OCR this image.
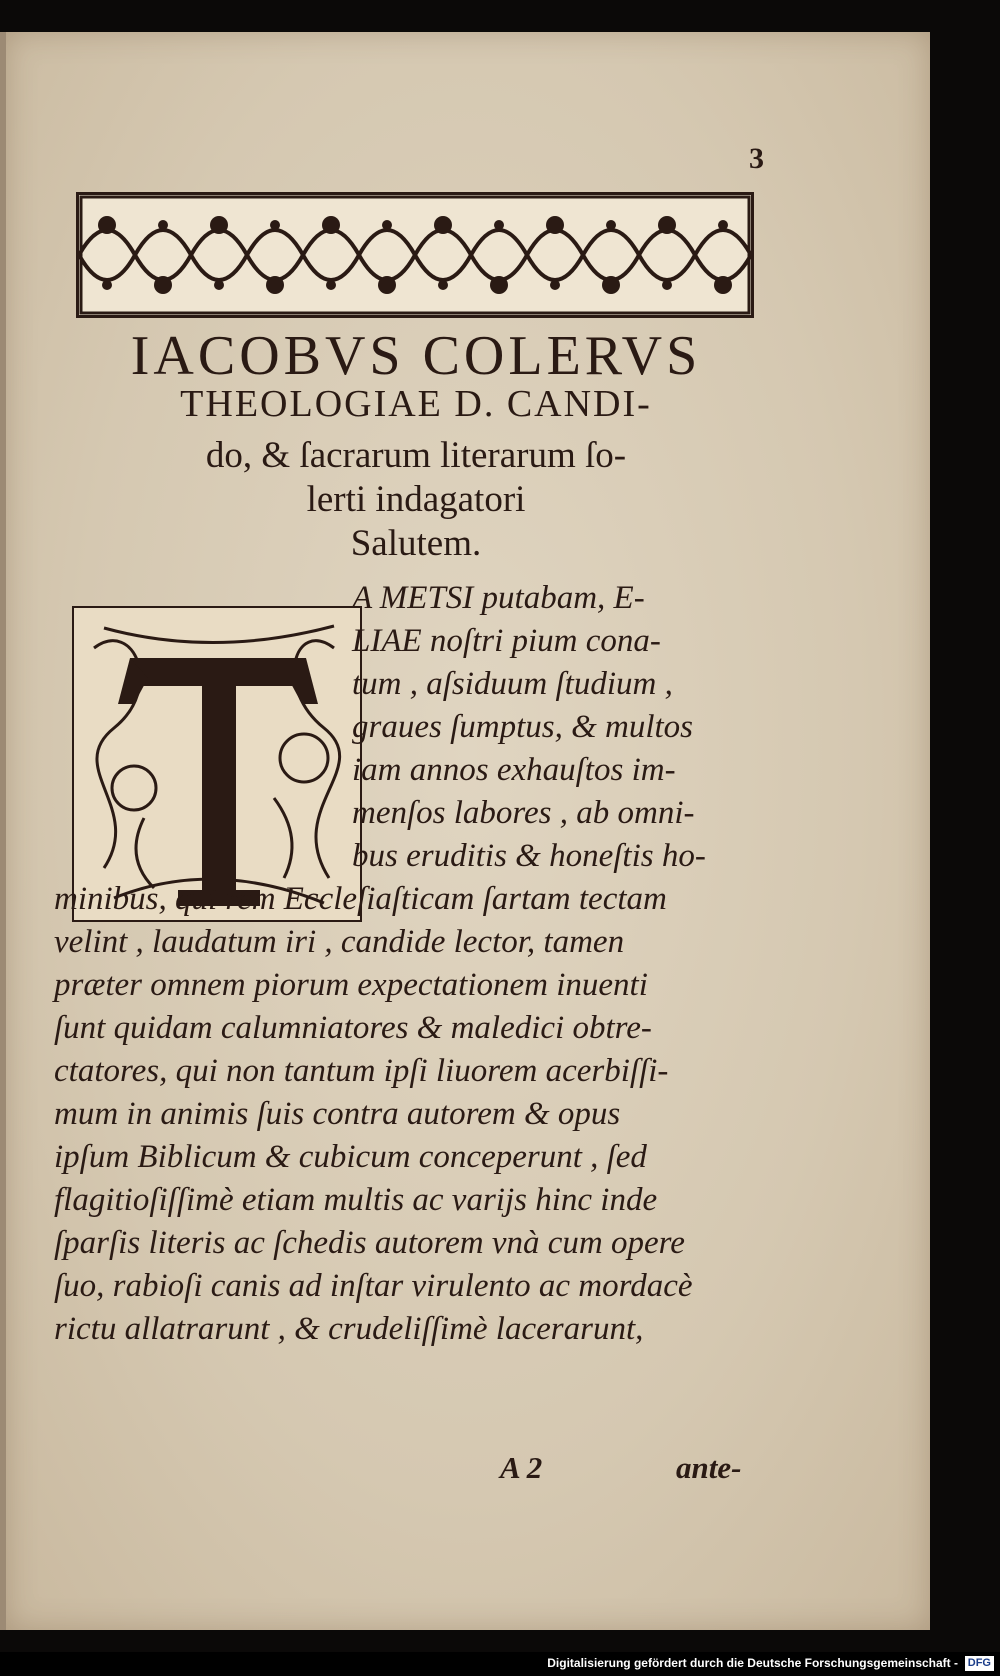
3
IACOBVS COLERVS
THEOLOGIAE D. CANDI-
do, & ſacrarum literarum ſo-
lerti indagatori
Salutem.
A METSI putabam, E-
LIAE noſtri pium cona-
tum , aſsiduum ſtudium ,
graues ſumptus, & multos
iam annos exhauſtos im-
menſos labores , ab omni-
bus eruditis & honeſtis ho-
minibus, qui rem Eccleſiaſticam ſartam tectam
velint , laudatum iri , candide lector, tamen
præter omnem piorum expectationem inuenti
ſunt quidam calumniatores & maledici obtre-
ctatores, qui non tantum ipſi liuorem acerbiſſi-
mum in animis ſuis contra autorem & opus
ipſum Biblicum & cubicum conceperunt , ſed
flagitioſiſſimè etiam multis ac varijs hinc inde
ſparſis literis ac ſchedis autorem vnà cum opere
ſuo, rabioſi canis ad inſtar virulento ac mordacè
rictu allatrarunt , & crudeliſſimè lacerarunt,
A 2	ante-
Digitalisierung gefördert durch die Deutsche Forschungsgemeinschaft - DFG
